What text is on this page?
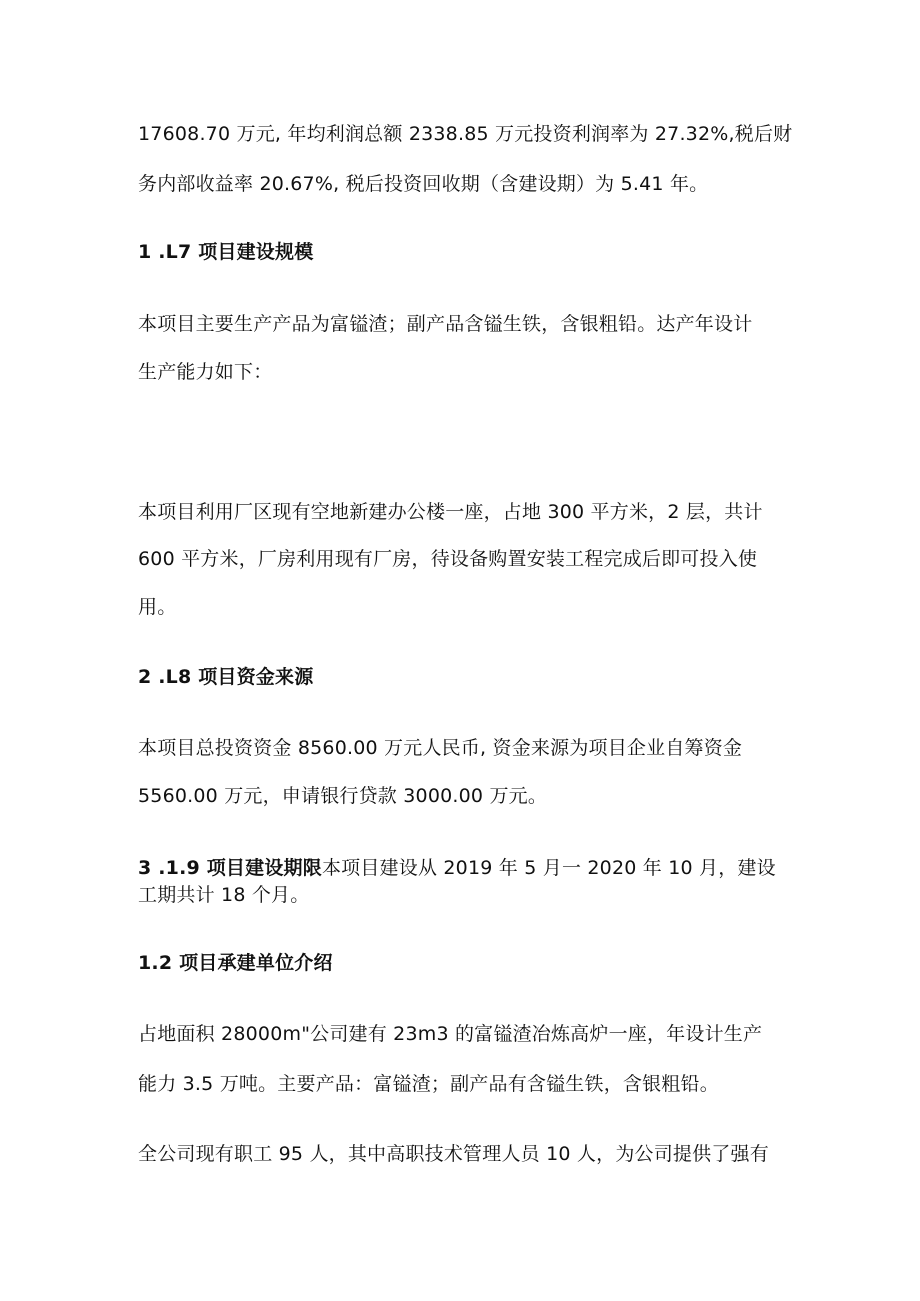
17608.70 万元, 年均利润总额 2338.85 万元投资利润率为 27.32%,税后财
务内部收益率 20.67%, 税后投资回收期（含建设期）为 5.41 年。
1 .L7 项目建设规模
本项目主要生产产品为富镒渣；副产品含镒生铁，含银粗铅。达产年设计
生产能力如下：
本项目利用厂区现有空地新建办公楼一座，占地 300 平方米，2 层，共计
600 平方米，厂房利用现有厂房，待设备购置安装工程完成后即可投入使
用。
2 .L8 项目资金来源
本项目总投资资金 8560.00 万元人民币, 资金来源为项目企业自筹资金
5560.00 万元，申请银行贷款 3000.00 万元。
3 .1.9 项目建设期限本项目建设从 2019 年 5 月一 2020 年 10 月，建设
工期共计 18 个月。
1.2 项目承建单位介绍
占地面积 28000m"公司建有 23m3 的富镒渣冶炼高炉一座，年设计生产
能力 3.5 万吨。主要产品：富镒渣；副产品有含镒生铁，含银粗铅。
全公司现有职工 95 人，其中高职技术管理人员 10 人，为公司提供了强有
